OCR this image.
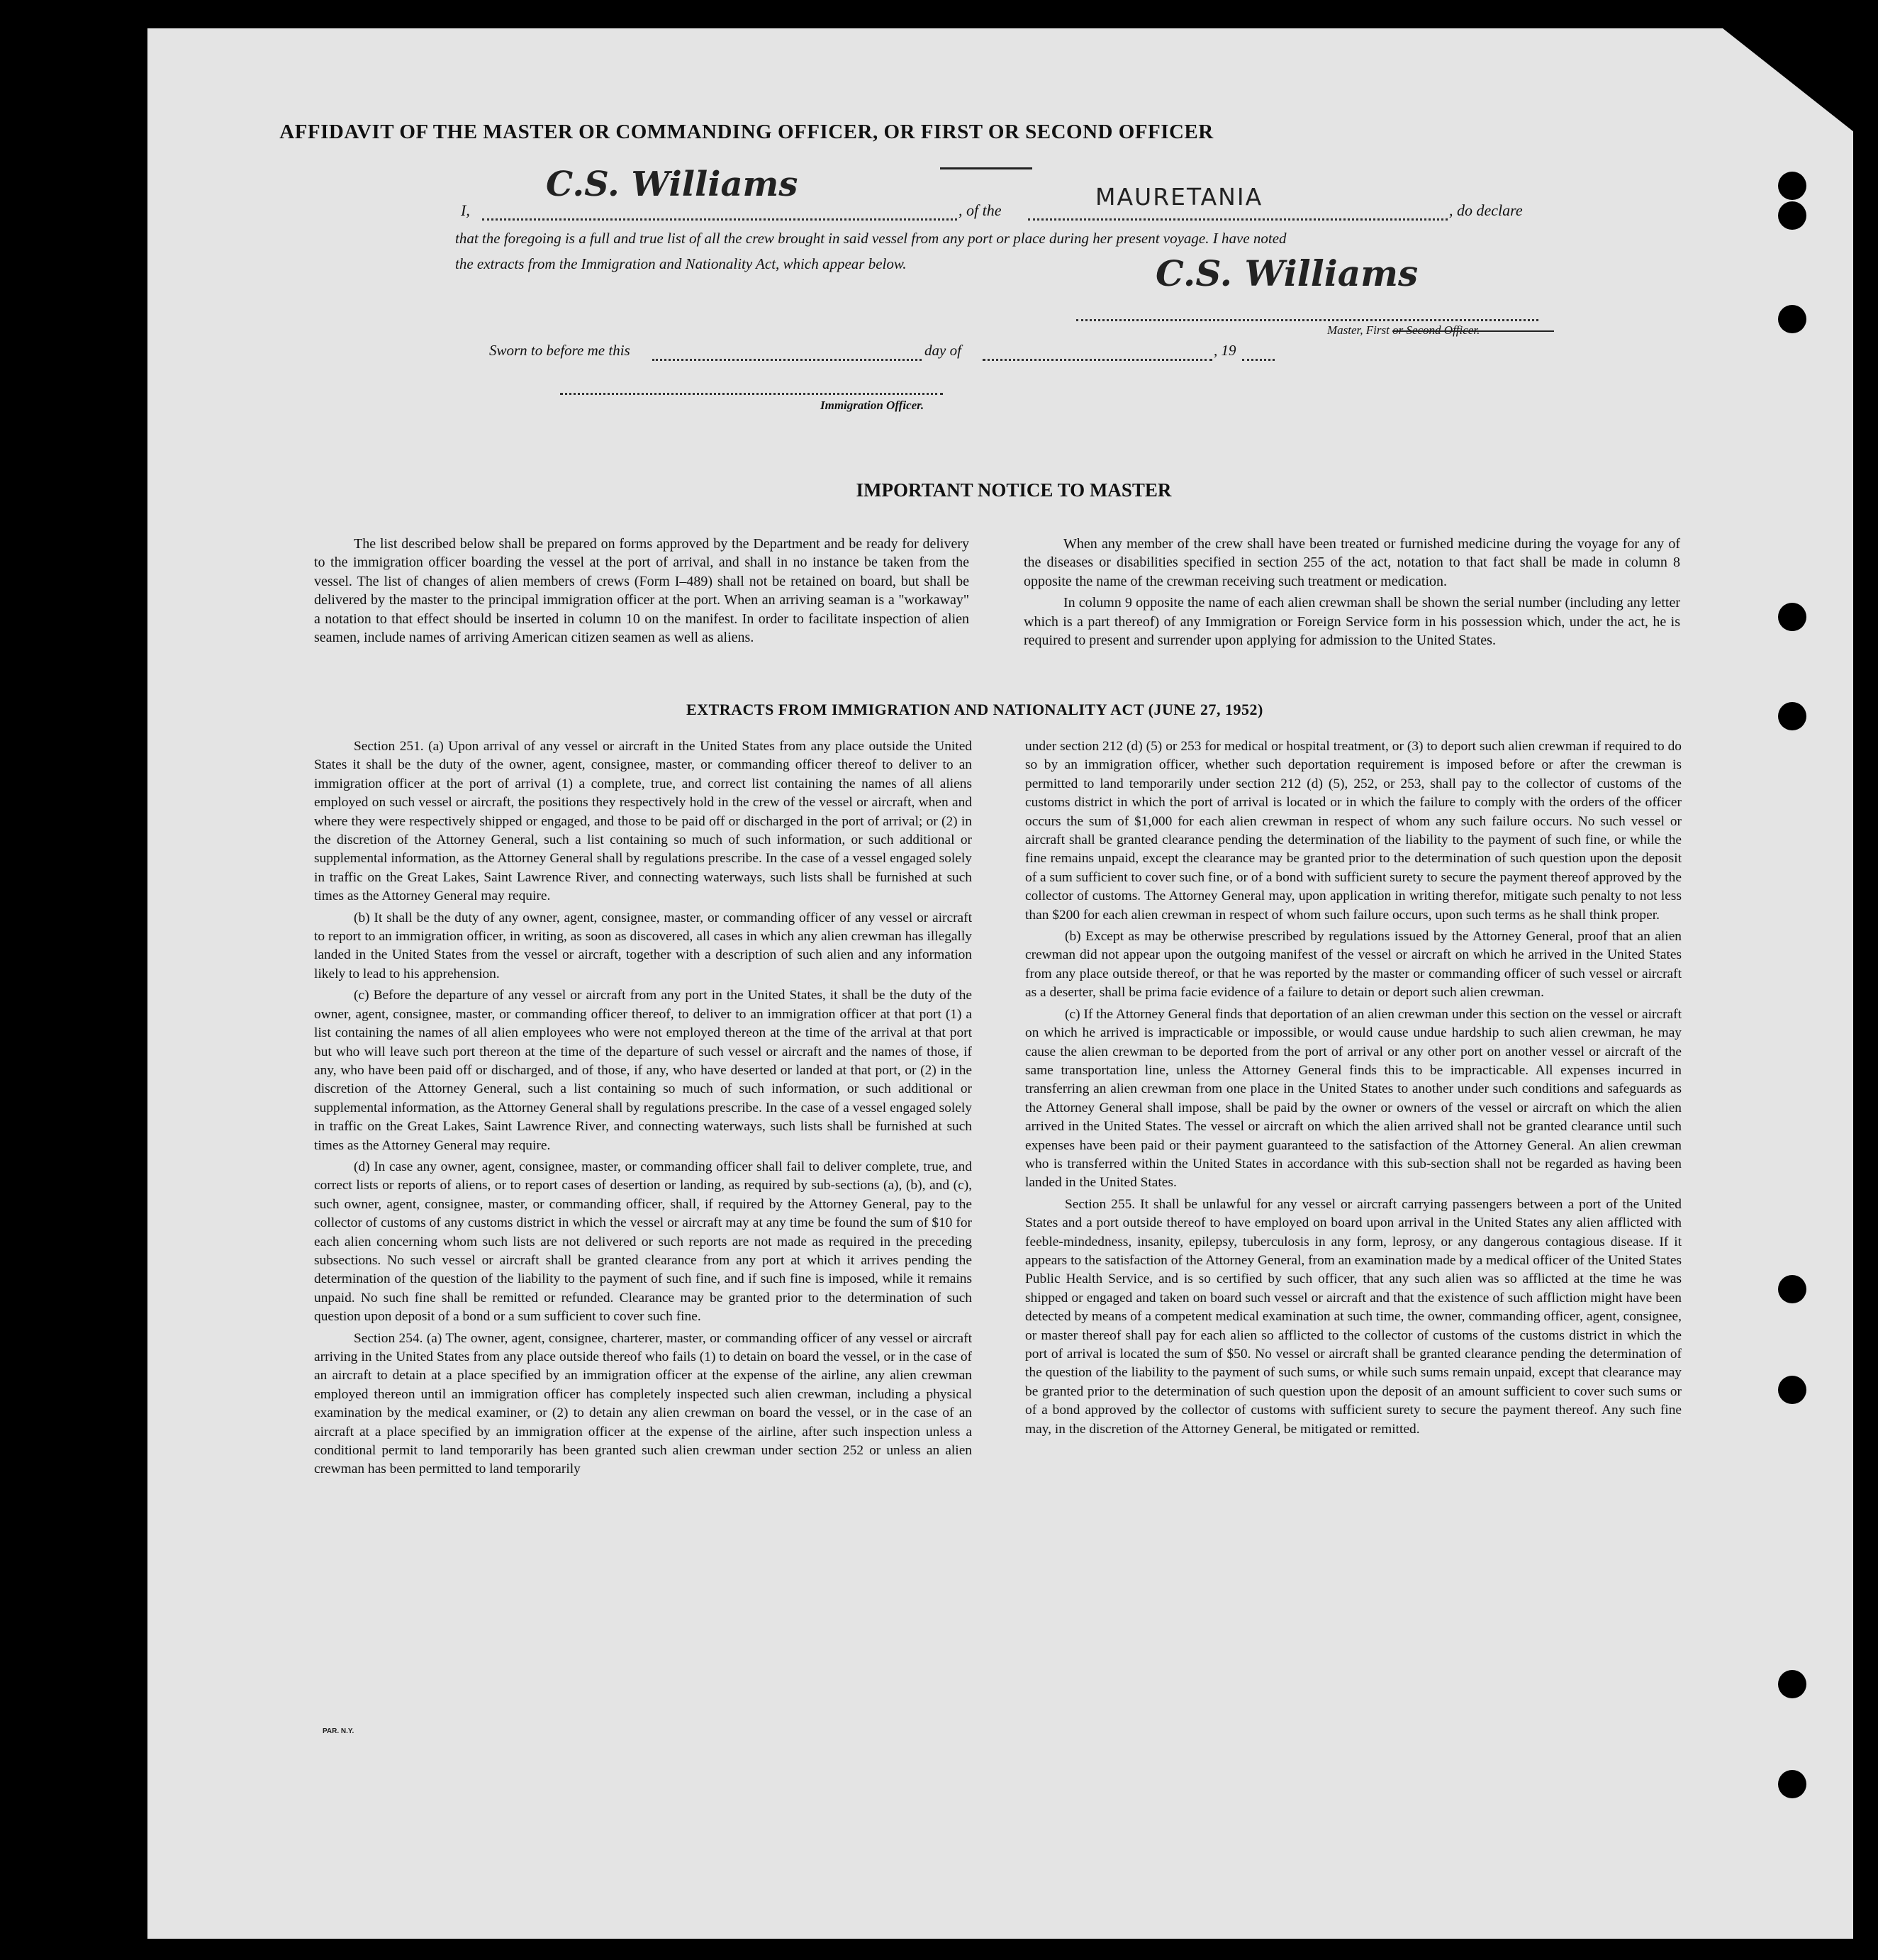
AFFIDAVIT OF THE MASTER OR COMMANDING OFFICER, OR FIRST OR SECOND OFFICER
I,
C.S. Williams
, of the	MAURETANIA	, do declare
that the foregoing is a full and true list of all the crew brought in said vessel from any port or place during her present voyage. I have noted
the extracts from the Immigration and Nationality Act, which appear below.	C.S. Williams
Master, First or Second Officer.
Sworn to before me this	day of	, 19
Immigration Officer.
IMPORTANT NOTICE TO MASTER

The list described below shall be prepared on forms approved by the Department and be ready for delivery to the immigration officer boarding the vessel at the port of arrival, and shall in no instance be taken from the vessel. The list of changes of alien members of crews (Form I–489) shall not be retained on board, but shall be delivered by the master to the principal immigration officer at the port. When an arriving seaman is a "workaway" a notation to that effect should be inserted in column 10 on the manifest. In order to facilitate inspection of alien seamen, include names of arriving American citizen seamen as well as aliens.

When any member of the crew shall have been treated or furnished medicine during the voyage for any of the diseases or disabilities specified in section 255 of the act, notation to that fact shall be made in column 8 opposite the name of the crewman receiving such treatment or medication.

In column 9 opposite the name of each alien crewman shall be shown the serial number (including any letter which is a part thereof) of any Immigration or Foreign Service form in his possession which, under the act, he is required to present and surrender upon applying for admission to the United States.

EXTRACTS FROM IMMIGRATION AND NATIONALITY ACT (JUNE 27, 1952)

Section 251. (a) Upon arrival of any vessel or aircraft in the United States from any place outside the United States it shall be the duty of the owner, agent, consignee, master, or commanding officer thereof to deliver to an immigration officer at the port of arrival (1) a complete, true, and correct list containing the names of all aliens employed on such vessel or aircraft, the positions they respectively hold in the crew of the vessel or aircraft, when and where they were respectively shipped or engaged, and those to be paid off or discharged in the port of arrival; or (2) in the discretion of the Attorney General, such a list containing so much of such information, or such additional or supplemental information, as the Attorney General shall by regulations prescribe. In the case of a vessel engaged solely in traffic on the Great Lakes, Saint Lawrence River, and connecting waterways, such lists shall be furnished at such times as the Attorney General may require.

(b) It shall be the duty of any owner, agent, consignee, master, or commanding officer of any vessel or aircraft to report to an immigration officer, in writing, as soon as discovered, all cases in which any alien crewman has illegally landed in the United States from the vessel or aircraft, together with a description of such alien and any information likely to lead to his apprehension.

(c) Before the departure of any vessel or aircraft from any port in the United States, it shall be the duty of the owner, agent, consignee, master, or commanding officer thereof, to deliver to an immigration officer at that port (1) a list containing the names of all alien employees who were not employed thereon at the time of the arrival at that port but who will leave such port thereon at the time of the departure of such vessel or aircraft and the names of those, if any, who have been paid off or discharged, and of those, if any, who have deserted or landed at that port, or (2) in the discretion of the Attorney General, such a list containing so much of such information, or such additional or supplemental information, as the Attorney General shall by regulations prescribe. In the case of a vessel engaged solely in traffic on the Great Lakes, Saint Lawrence River, and connecting waterways, such lists shall be furnished at such times as the Attorney General may require.

(d) In case any owner, agent, consignee, master, or commanding officer shall fail to deliver complete, true, and correct lists or reports of aliens, or to report cases of desertion or landing, as required by sub-sections (a), (b), and (c), such owner, agent, consignee, master, or commanding officer, shall, if required by the Attorney General, pay to the collector of customs of any customs district in which the vessel or aircraft may at any time be found the sum of $10 for each alien concerning whom such lists are not delivered or such reports are not made as required in the preceding subsections. No such vessel or aircraft shall be granted clearance from any port at which it arrives pending the determination of the question of the liability to the payment of such fine, and if such fine is imposed, while it remains unpaid. No such fine shall be remitted or refunded. Clearance may be granted prior to the determination of such question upon deposit of a bond or a sum sufficient to cover such fine.

Section 254. (a) The owner, agent, consignee, charterer, master, or commanding officer of any vessel or aircraft arriving in the United States from any place outside thereof who fails (1) to detain on board the vessel, or in the case of an aircraft to detain at a place specified by an immigration officer at the expense of the airline, any alien crewman employed thereon until an immigration officer has completely inspected such alien crewman, including a physical examination by the medical examiner, or (2) to detain any alien crewman on board the vessel, or in the case of an aircraft at a place specified by an immigration officer at the expense of the airline, after such inspection unless a conditional permit to land temporarily has been granted such alien crewman under section 252 or unless an alien crewman has been permitted to land temporarily

under section 212 (d) (5) or 253 for medical or hospital treatment, or (3) to deport such alien crewman if required to do so by an immigration officer, whether such deportation requirement is imposed before or after the crewman is permitted to land temporarily under section 212 (d) (5), 252, or 253, shall pay to the collector of customs of the customs district in which the port of arrival is located or in which the failure to comply with the orders of the officer occurs the sum of $1,000 for each alien crewman in respect of whom any such failure occurs. No such vessel or aircraft shall be granted clearance pending the determination of the liability to the payment of such fine, or while the fine remains unpaid, except the clearance may be granted prior to the determination of such question upon the deposit of a sum sufficient to cover such fine, or of a bond with sufficient surety to secure the payment thereof approved by the collector of customs. The Attorney General may, upon application in writing therefor, mitigate such penalty to not less than $200 for each alien crewman in respect of whom such failure occurs, upon such terms as he shall think proper.

(b) Except as may be otherwise prescribed by regulations issued by the Attorney General, proof that an alien crewman did not appear upon the outgoing manifest of the vessel or aircraft on which he arrived in the United States from any place outside thereof, or that he was reported by the master or commanding officer of such vessel or aircraft as a deserter, shall be prima facie evidence of a failure to detain or deport such alien crewman.

(c) If the Attorney General finds that deportation of an alien crewman under this section on the vessel or aircraft on which he arrived is impracticable or impossible, or would cause undue hardship to such alien crewman, he may cause the alien crewman to be deported from the port of arrival or any other port on another vessel or aircraft of the same transportation line, unless the Attorney General finds this to be impracticable. All expenses incurred in transferring an alien crewman from one place in the United States to another under such conditions and safeguards as the Attorney General shall impose, shall be paid by the owner or owners of the vessel or aircraft on which the alien arrived in the United States. The vessel or aircraft on which the alien arrived shall not be granted clearance until such expenses have been paid or their payment guaranteed to the satisfaction of the Attorney General. An alien crewman who is transferred within the United States in accordance with this sub-section shall not be regarded as having been landed in the United States.

Section 255. It shall be unlawful for any vessel or aircraft carrying passengers between a port of the United States and a port outside thereof to have employed on board upon arrival in the United States any alien afflicted with feeble-mindedness, insanity, epilepsy, tuberculosis in any form, leprosy, or any dangerous contagious disease. If it appears to the satisfaction of the Attorney General, from an examination made by a medical officer of the United States Public Health Service, and is so certified by such officer, that any such alien was so afflicted at the time he was shipped or engaged and taken on board such vessel or aircraft and that the existence of such affliction might have been detected by means of a competent medical examination at such time, the owner, commanding officer, agent, consignee, or master thereof shall pay for each alien so afflicted to the collector of customs of the customs district in which the port of arrival is located the sum of $50. No vessel or aircraft shall be granted clearance pending the determination of the question of the liability to the payment of such sums, or while such sums remain unpaid, except that clearance may be granted prior to the determination of such question upon the deposit of an amount sufficient to cover such sums or of a bond approved by the collector of customs with sufficient surety to secure the payment thereof. Any such fine may, in the discretion of the Attorney General, be mitigated or remitted.

PAR. N.Y.
